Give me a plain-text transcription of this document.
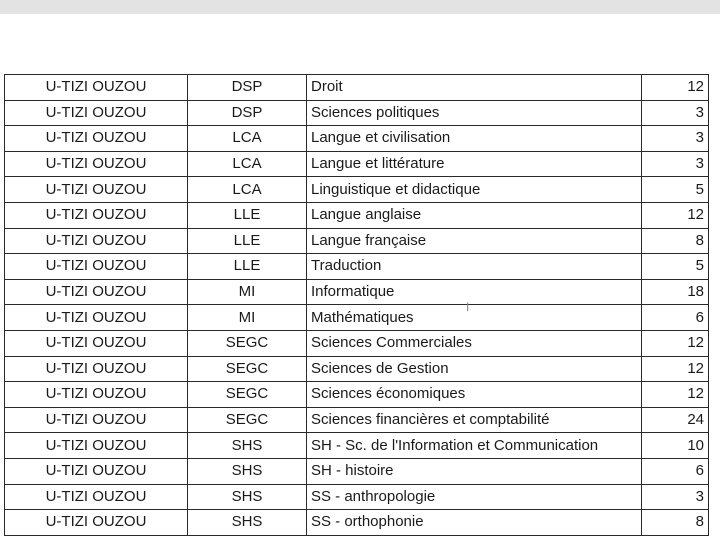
U-TIZI OUZOU	DSP	Droit	12
U-TIZI OUZOU	DSP	Sciences politiques	3
U-TIZI OUZOU	LCA	Langue et civilisation	3
U-TIZI OUZOU	LCA	Langue et littérature	3
U-TIZI OUZOU	LCA	Linguistique et didactique	5
U-TIZI OUZOU	LLE	Langue anglaise	12
U-TIZI OUZOU	LLE	Langue française	8
U-TIZI OUZOU	LLE	Traduction	5
U-TIZI OUZOU	MI	Informatique	18
U-TIZI OUZOU	MI	Mathématiques	6
U-TIZI OUZOU	SEGC	Sciences Commerciales	12
U-TIZI OUZOU	SEGC	Sciences de Gestion	12
U-TIZI OUZOU	SEGC	Sciences économiques	12
U-TIZI OUZOU	SEGC	Sciences financières et comptabilité	24
U-TIZI OUZOU	SHS	SH - Sc. de l'Information et Communication	10
U-TIZI OUZOU	SHS	SH - histoire	6
U-TIZI OUZOU	SHS	SS - anthropologie	3
U-TIZI OUZOU	SHS	SS - orthophonie	8
I
